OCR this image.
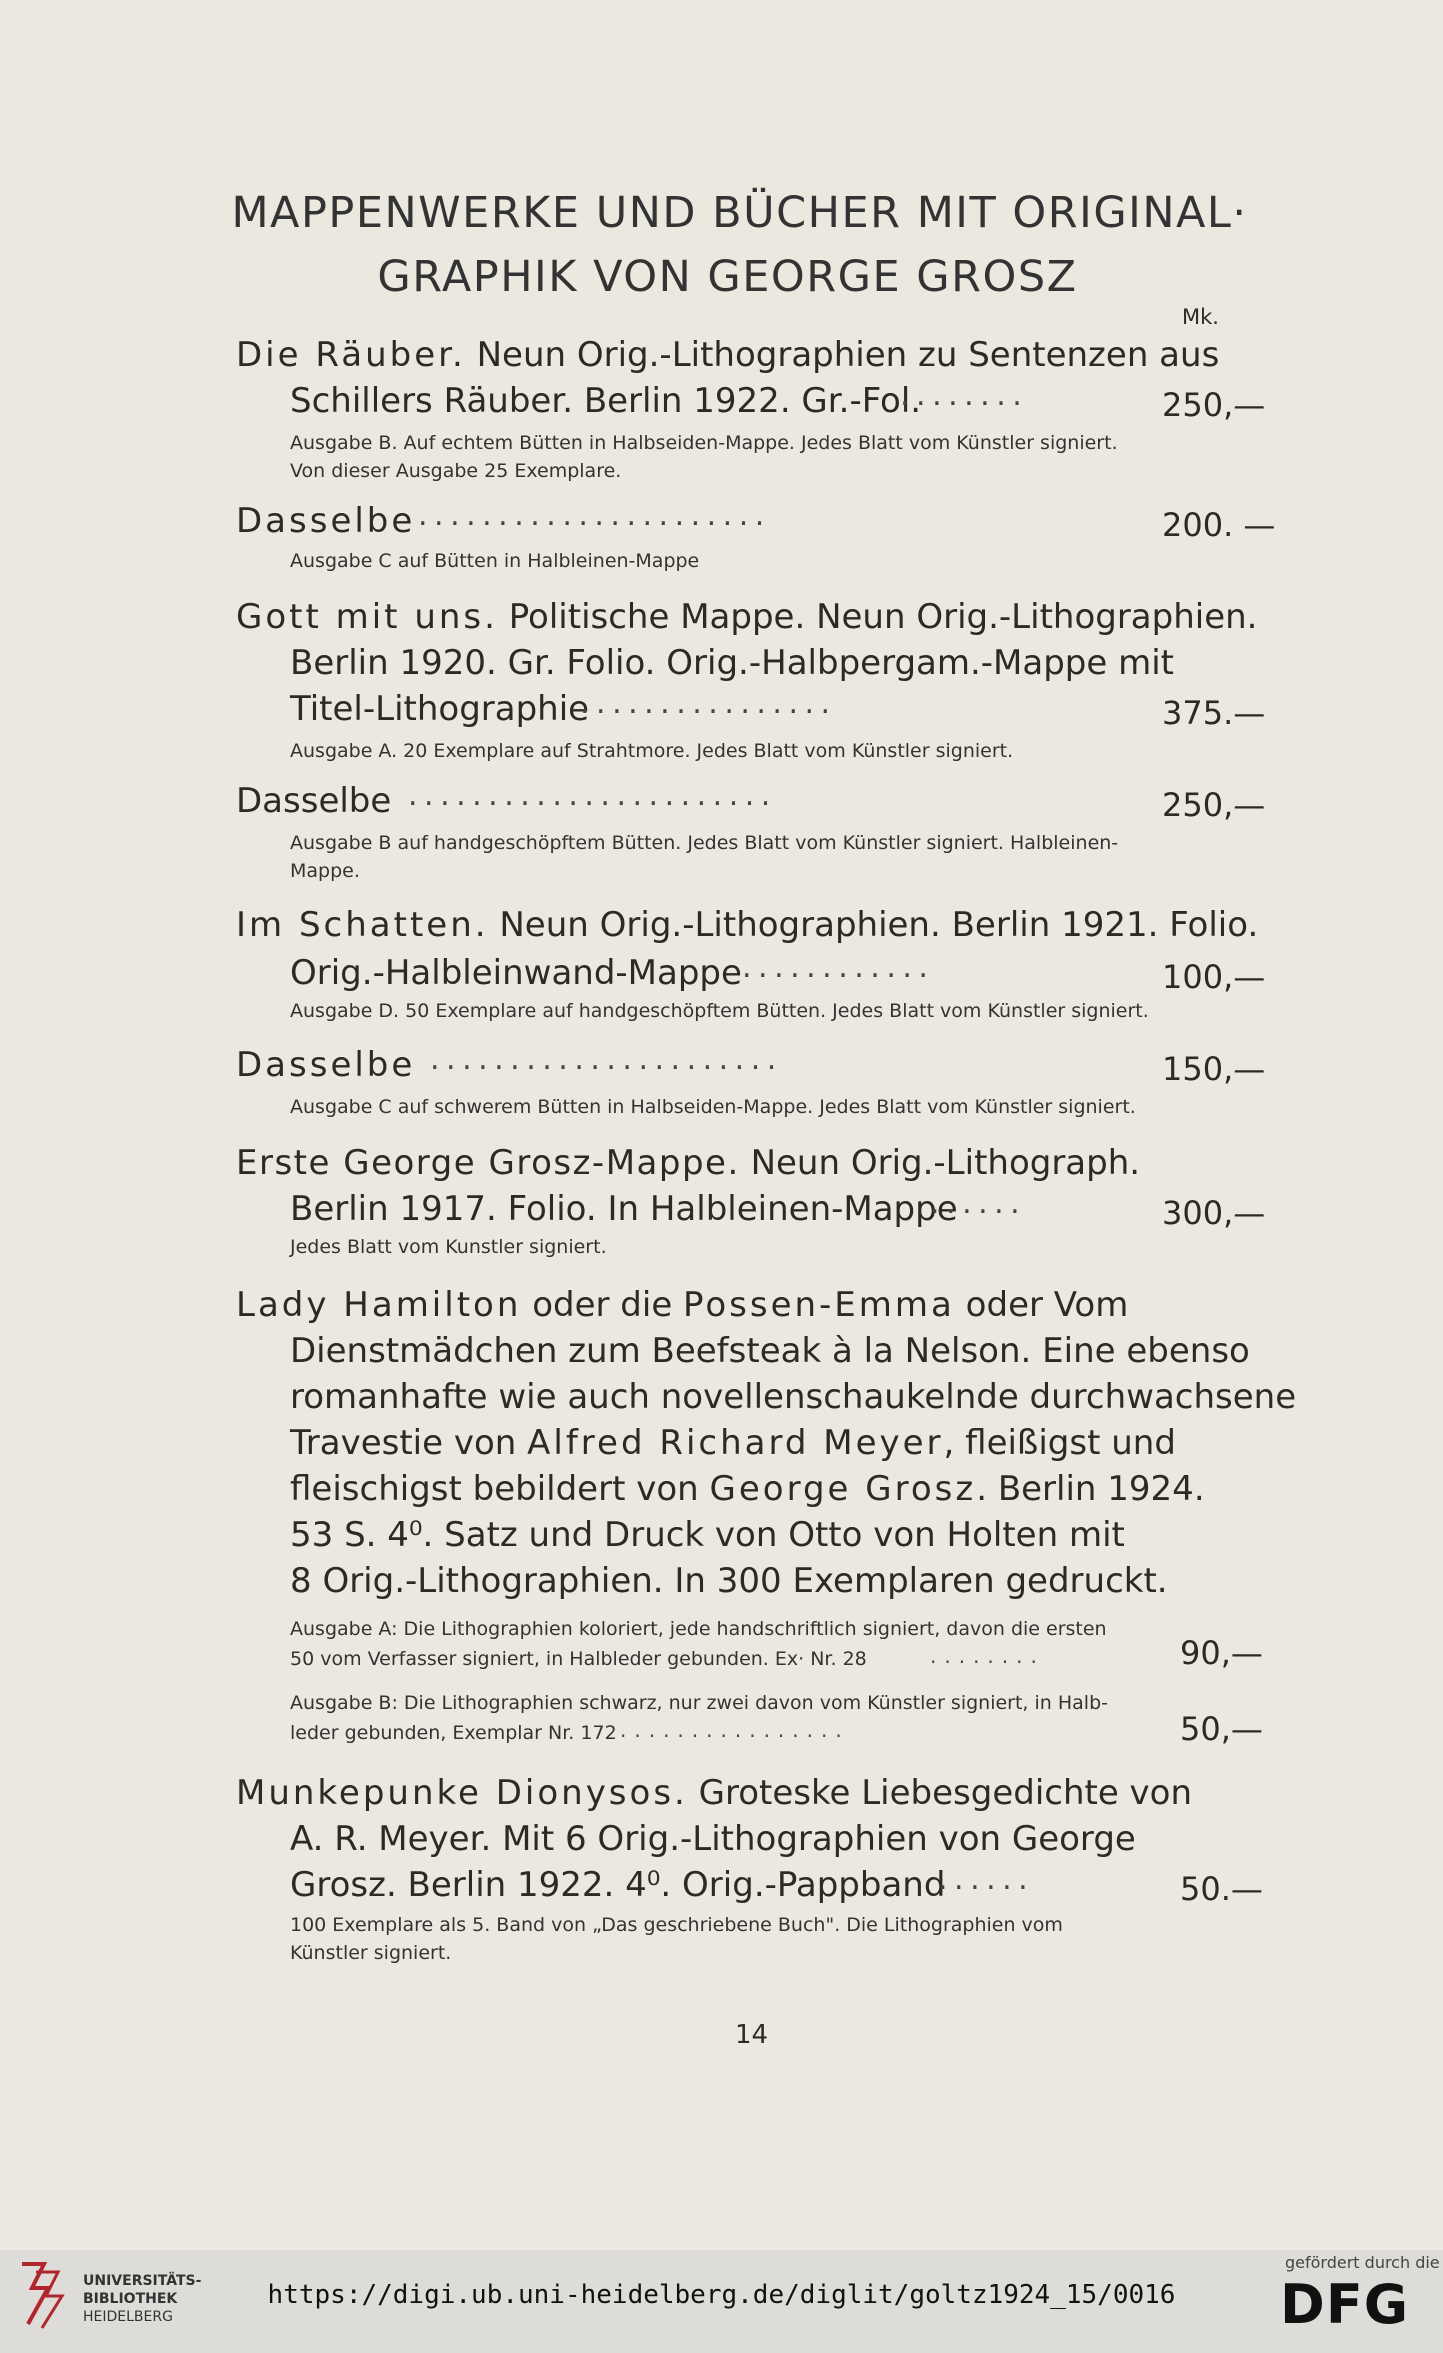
MAPPENWERKE UND BÜCHER MIT ORIGINAL·
GRAPHIK VON GEORGE GROSZ
Mk.
Die Räuber. Neun Orig.-Lithographien zu Sentenzen aus
Schillers Räuber. Berlin 1922. Gr.-Fol.
........	250,—
Ausgabe B. Auf echtem Bütten in Halbseiden-Mappe. Jedes Blatt vom Künstler signiert.
Von dieser Ausgabe 25 Exemplare.
Dasselbe ......................	200. —
Ausgabe C auf Bütten in Halbleinen-Mappe
Gott mit uns. Politische Mappe. Neun Orig.-Lithographien.
Berlin 1920. Gr. Folio. Orig.-Halbpergam.-Mappe mit
Titel-Lithographie
................	375.—
Ausgabe A. 20 Exemplare auf Strahtmore. Jedes Blatt vom Künstler signiert.
Dasselbe .......................	250,—
Ausgabe B auf handgeschöpftem Bütten. Jedes Blatt vom Künstler signiert. Halbleinen-
Mappe.
Im Schatten. Neun Orig.-Lithographien. Berlin 1921. Folio.
Orig.-Halbleinwand-Mappe ............	100,—
Ausgabe D. 50 Exemplare auf handgeschöpftem Bütten. Jedes Blatt vom Künstler signiert.
Dasselbe ......................	150,—
Ausgabe C auf schwerem Bütten in Halbseiden-Mappe. Jedes Blatt vom Künstler signiert.
Erste George Grosz-Mappe. Neun Orig.-Lithograph.
Berlin 1917. Folio. In Halbleinen-Mappe
......	300,—
Jedes Blatt vom Kunstler signiert.
Lady Hamilton oder die Possen-Emma oder Vom
Dienstmädchen zum Beefsteak à la Nelson. Eine ebenso
romanhafte wie auch novellenschaukelnde durchwachsene
Travestie von Alfred Richard Meyer, fleißigst und
fleischigst bebildert von George Grosz. Berlin 1924.
53 S. 4⁰. Satz und Druck von Otto von Holten mit
8 Orig.-Lithographien. In 300 Exemplaren gedruckt.
Ausgabe A: Die Lithographien koloriert, jede handschriftlich signiert, davon die ersten
50 vom Verfasser signiert, in Halbleder gebunden. Ex· Nr. 28	........	90,—
Ausgabe B: Die Lithographien schwarz, nur zwei davon vom Künstler signiert, in Halb-
leder gebunden, Exemplar Nr. 172 ................	50,—
Munkepunke Dionysos. Groteske Liebesgedichte von
A. R. Meyer. Mit 6 Orig.-Lithographien von George
Grosz. Berlin 1922. 4⁰. Orig.-Pappband
......	50.—
100 Exemplare als 5. Band von „Das geschriebene Buch". Die Lithographien vom
Künstler signiert.
14
UNIVERSITÄTS-
BIBLIOTHEK
HEIDELBERG
https://digi.ub.uni-heidelberg.de/diglit/goltz1924_15/0016
gefördert durch die
DFG
